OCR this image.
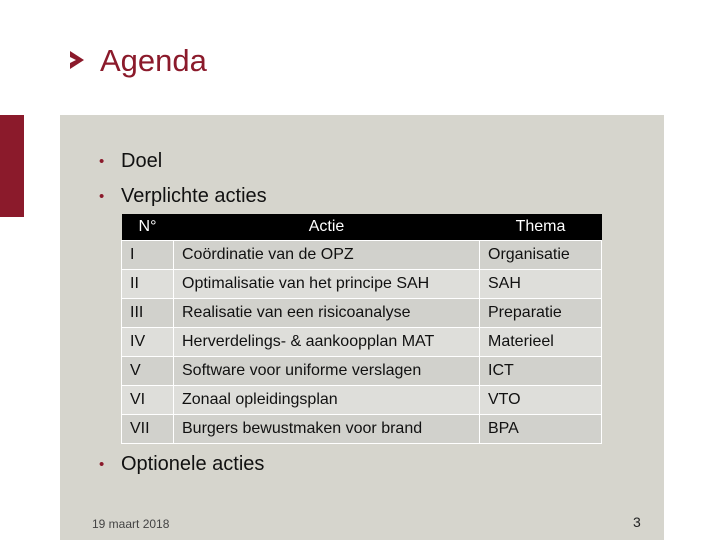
Agenda
• Doel
• Verplichte acties
N°	Actie	Thema
I	Coördinatie van de OPZ	Organisatie
II	Optimalisatie van het principe SAH	SAH
III	Realisatie van een risicoanalyse	Preparatie
IV	Herverdelings- & aankoopplan MAT	Materieel
V	Software voor uniforme verslagen	ICT
VI	Zonaal opleidingsplan	VTO
VII	Burgers bewustmaken voor brand	BPA
• Optionele acties
19 maart 2018	3
